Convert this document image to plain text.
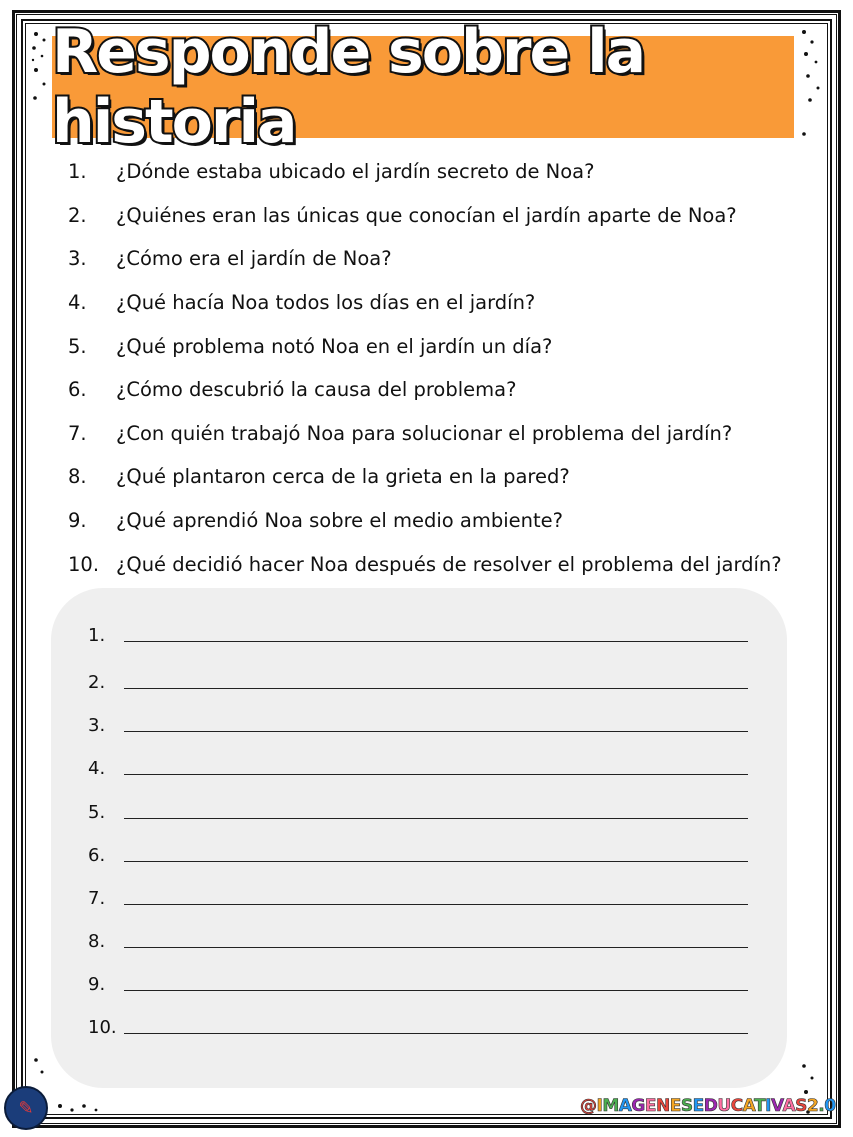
Responde sobre la historia
1.	¿Dónde estaba ubicado el jardín secreto de Noa?
2.	¿Quiénes eran las únicas que conocían el jardín aparte de Noa?
3.	¿Cómo era el jardín de Noa?
4.	¿Qué hacía Noa todos los días en el jardín?
5.	¿Qué problema notó Noa en el jardín un día?
6.	¿Cómo descubrió la causa del problema?
7.	¿Con quién trabajó Noa para solucionar el problema del jardín?
8.	¿Qué plantaron cerca de la grieta en la pared?
9.	¿Qué aprendió Noa sobre el medio ambiente?
10. ¿Qué decidió hacer Noa después de resolver el problema del jardín?
1.
2.
3.
4.
5.
6.
7.
8.
9.
10.
✎	@IMAGENESEDUCATIVAS2.0
